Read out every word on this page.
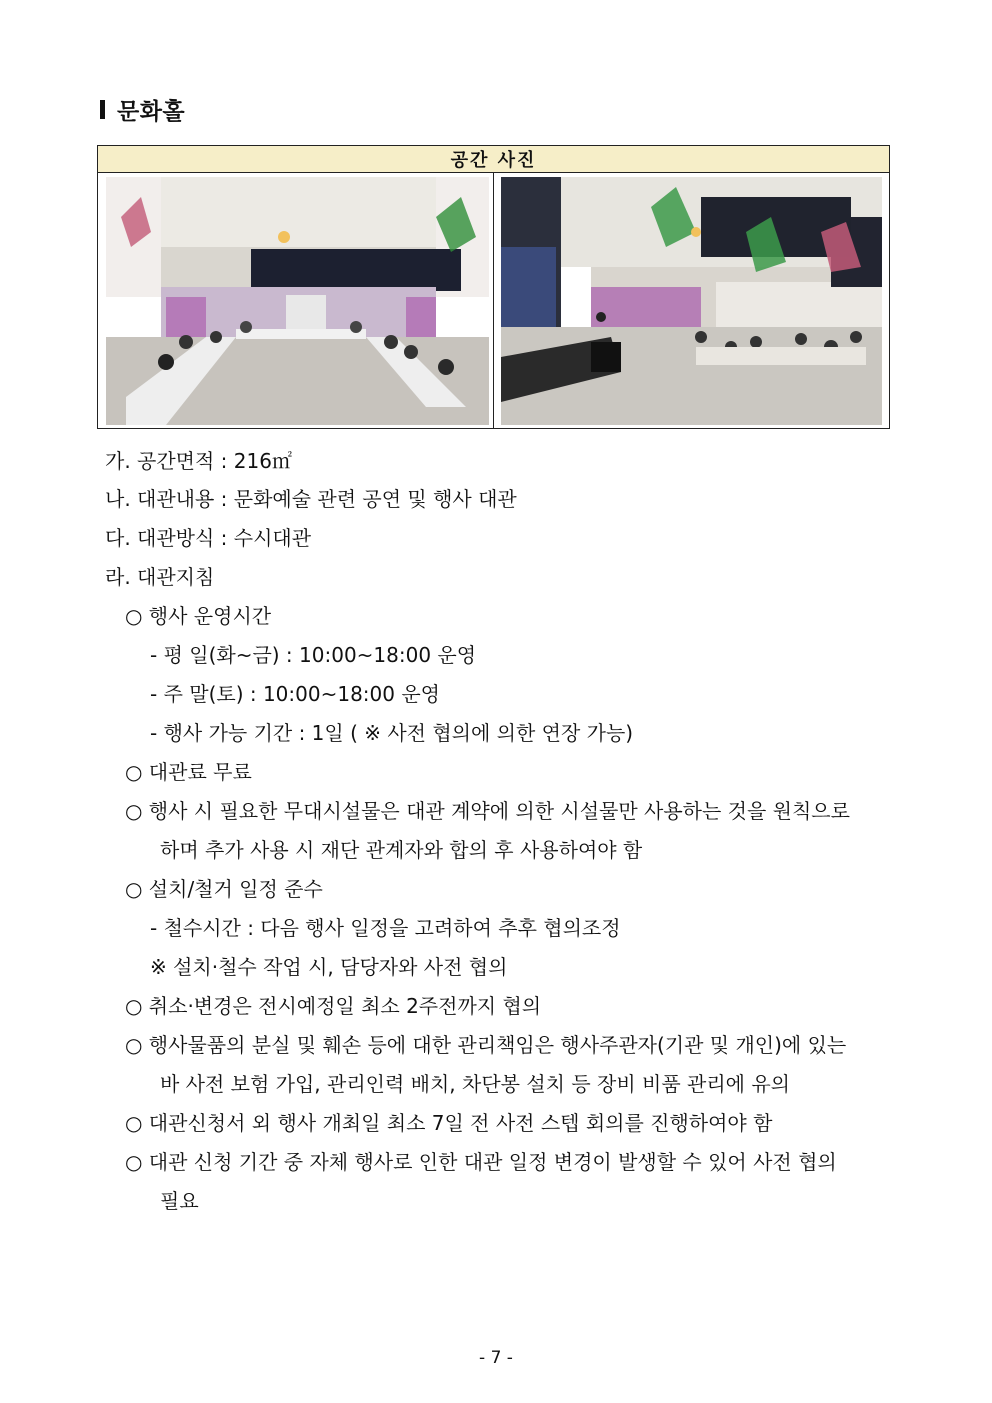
문화홀
공간 사진
가. 공간면적 : 216㎡
나. 대관내용 : 문화예술 관련 공연 및 행사 대관
다. 대관방식 : 수시대관
라. 대관지침
○ 행사 운영시간
- 평 일(화~금) : 10:00~18:00 운영
- 주 말(토) : 10:00~18:00 운영
- 행사 가능 기간 : 1일 ( ※ 사전 협의에 의한 연장 가능)
○ 대관료 무료
○ 행사 시 필요한 무대시설물은 대관 계약에 의한 시설물만 사용하는 것을 원칙으로
하며 추가 사용 시 재단 관계자와 합의 후 사용하여야 함
○ 설치/철거 일정 준수
- 철수시간 : 다음 행사 일정을 고려하여 추후 협의조정
※ 설치·철수 작업 시, 담당자와 사전 협의
○ 취소·변경은 전시예정일 최소 2주전까지 협의
○ 행사물품의 분실 및 훼손 등에 대한 관리책임은 행사주관자(기관 및 개인)에 있는
바 사전 보험 가입, 관리인력 배치, 차단봉 설치 등 장비 비품 관리에 유의
○ 대관신청서 외 행사 개최일 최소 7일 전 사전 스텝 회의를 진행하여야 함
○ 대관 신청 기간 중 자체 행사로 인한 대관 일정 변경이 발생할 수 있어 사전 협의
필요
- 7 -
